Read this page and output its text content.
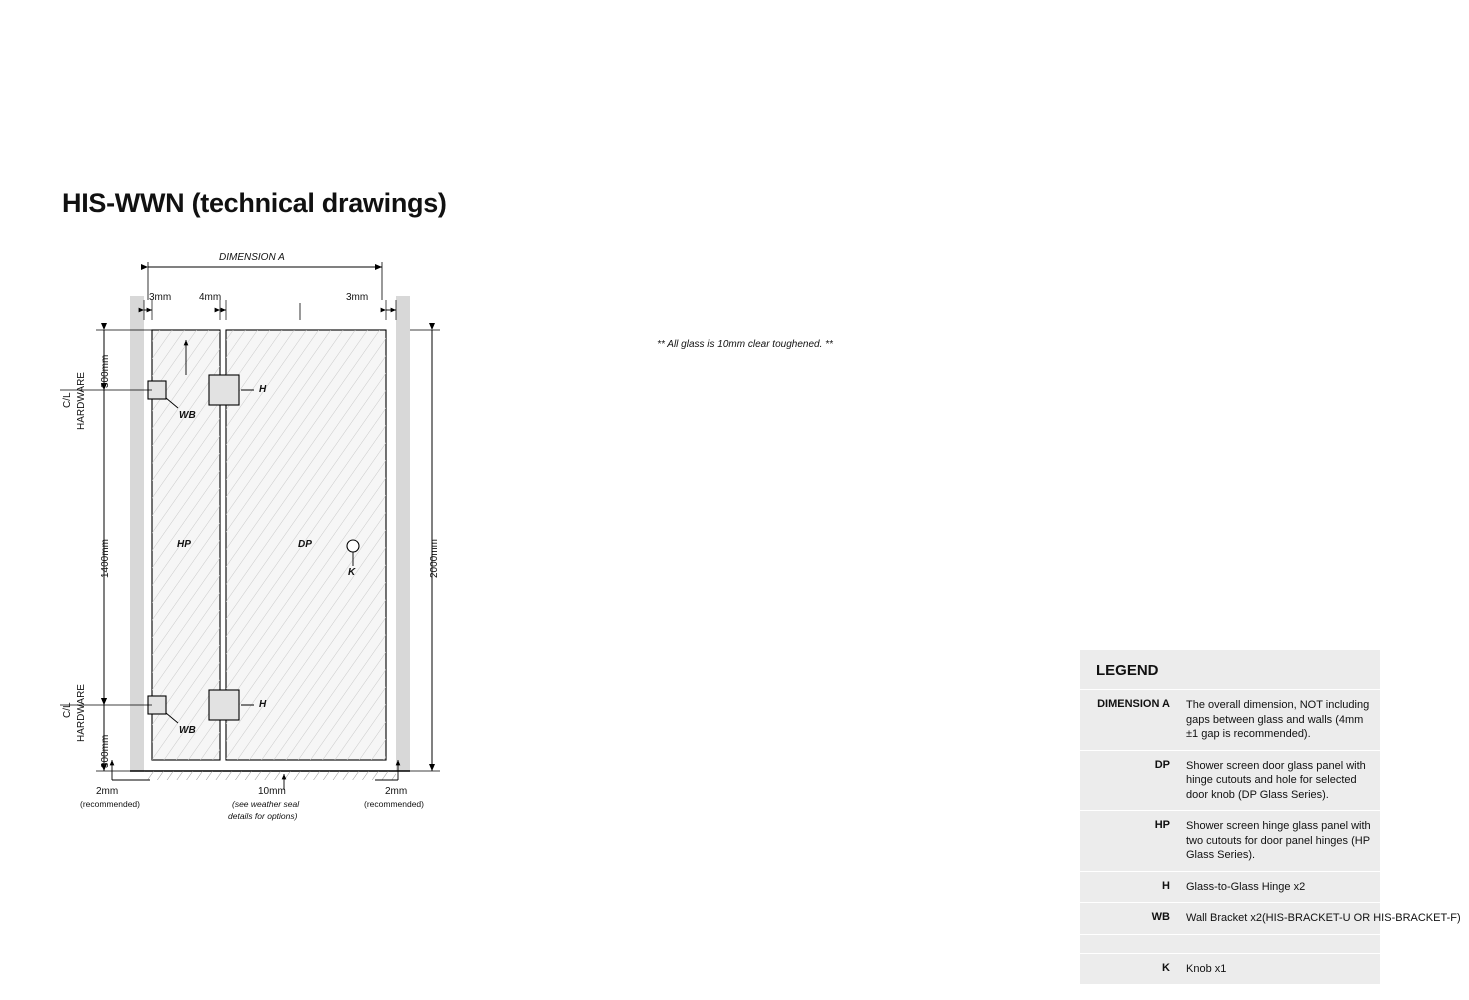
HIS-WWN (technical drawings)
DIMENSION A
3mm	4mm	3mm
C/L HARDWARE
300mm
1400mm
C/L HARDWARE
300mm
2000mm
HP	DP
H
H
WB
WB
K
2mm
(recommended)
10mm
(see weather seal
details for options)
2mm
(recommended)
LEGEND
DIMENSION A	The overall dimension, NOT including gaps between glass and walls (4mm ±1 gap is recommended).
DP	Shower screen door glass panel with hinge cutouts and hole for selected door knob (DP Glass Series).
HP	Shower screen hinge glass panel with two cutouts for door panel hinges (HP Glass Series).
H	Glass-to-Glass Hinge x2
WB	Wall Bracket x2(HIS-BRACKET-U OR HIS-BRACKET-F)
K	Knob x1
** All glass is 10mm clear toughened. **
